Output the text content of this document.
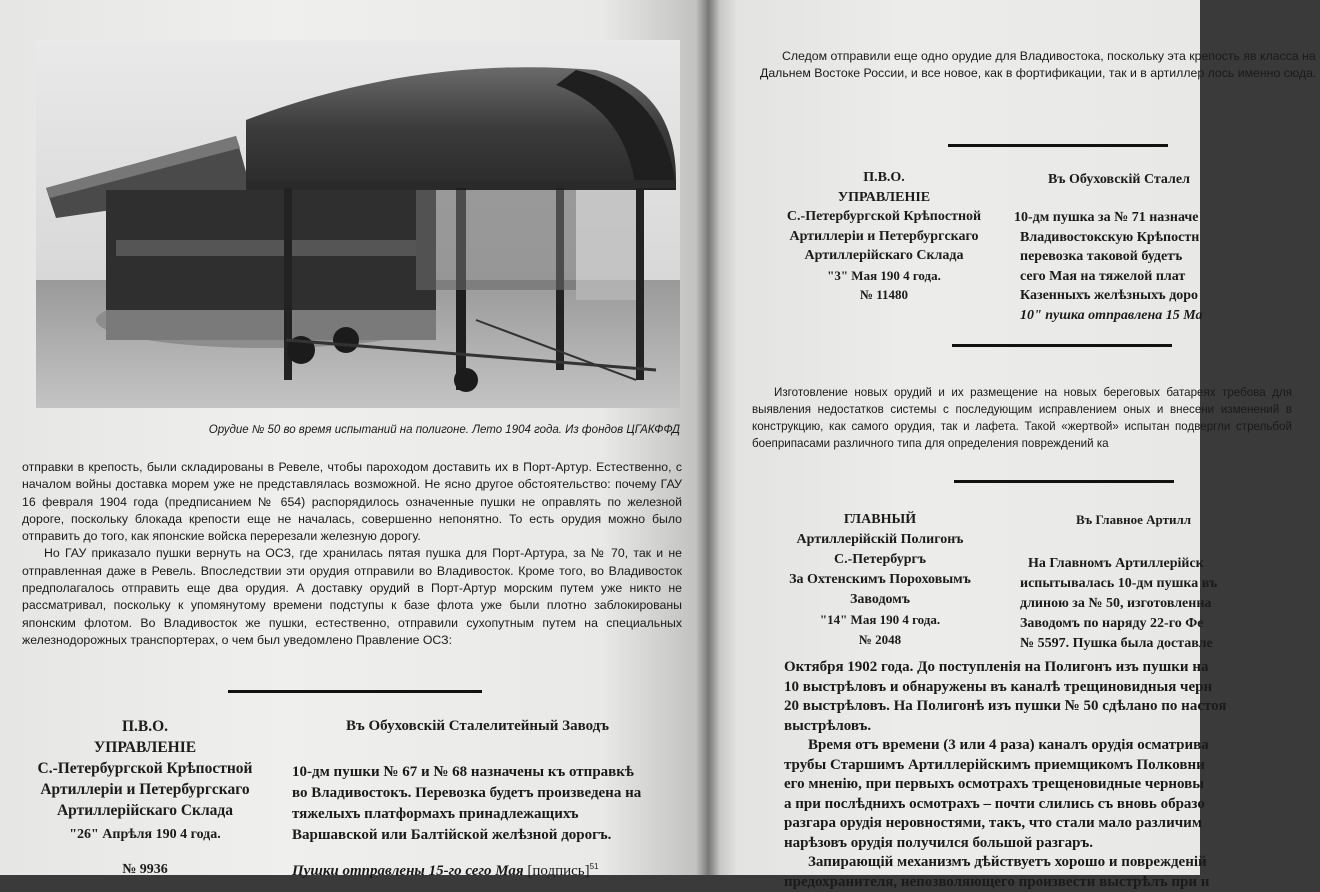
Орудие № 50 во время испытаний на полигоне. Лето 1904 года. Из фондов ЦГАКФФД

отправки в крепость, были складированы в Ревеле, чтобы пароходом доставить их в Порт-Артур. Естественно, с началом войны доставка морем уже не представлялась возможной. Не ясно другое обстоятельство: почему ГАУ 16 февраля 1904 года (предписанием № 654) распорядилось означенные пушки не оправлять по железной дороге, поскольку блокада крепости еще не началась, совершенно непонятно. То есть орудия можно было отправить до того, как японские войска перерезали железную дорогу.

Но ГАУ приказало пушки вернуть на ОСЗ, где хранилась пятая пушка для Порт-Артура, за № 70, так и не отправленная даже в Ревель. Впоследствии эти орудия отправили во Владивосток. Кроме того, во Владивосток предполагалось отправить еще два орудия. А доставку орудий в Порт-Артур морским путем уже никто не рассматривал, поскольку к упомянутому времени подступы к базе флота уже были плотно заблокированы японским флотом. Во Владивосток же пушки, естественно, отправили сухопутным путем на специальных железнодорожных транспортерах, о чем был уведомлено Правление ОСЗ:

П.В.О.
УПРАВЛЕНІЕ
С.-Петербургской Крѣпостной
Артиллеріи и Петербургскаго
Артиллерійскаго Склада
"26" Апрѣля 190 4 года.
№ 9936
Въ Обуховскій Сталелитейный Заводъ

10-дм пушки № 67 и № 68 назначены къ отправкѣ во Владивостокъ. Перевозка будетъ произведена на тяжелыхъ платформахъ принадлежащихъ Варшавской или Балтійской желѣзной дорогъ.

Пушки отправлены 15-го сего Мая [подпись]$^{51}$

Следом отправили еще одно орудие для Владивостока, поскольку эта крепость яв класса на Дальнем Востоке России, и все новое, как в фортификации, так и в артиллер лось именно сюда.

П.В.О.
УПРАВЛЕНІЕ
С.-Петербургской Крѣпостной
Артиллеріи и Петербургскаго
Артиллерійскаго Склада
"3" Мая 190 4 года.
№ 11480
Въ Обуховскій Сталел

10-дм пушка за № 71 назначе

Владивостокскую Крѣпостн

перевозка таковой будетъ

сего Мая на тяжелой плат

Казенныхъ желѣзныхъ доро

10" пушка отправлена 15 Ма

Изготовление новых орудий и их размещение на новых береговых батареях требова для выявления недостатков системы с последующим исправлением оных и внесени изменений в конструкцию, как самого орудия, так и лафета. Такой «жертвой» испытан подвергли стрельбой боеприпасами различного типа для определения повреждений ка

ГЛАВНЫЙ
Артиллерійскій Полигонъ
С.-Петербургъ
За Охтенскимъ Пороховымъ
Заводомъ
"14" Мая 190 4 года.
№ 2048
Въ Главное Артилл

На Главномъ Артиллерійск

испытывалась 10-дм пушка въ

длиною за № 50, изготовленна

Заводомъ по наряду 22-го Фе

№ 5597. Пушка была доставле

Октября 1902 года. До поступленія на Полигонъ изъ пушки на

10 выстрѣловъ и обнаружены въ каналѣ трещиновидныя черн

20 выстрѣловъ. На Полигонѣ изъ пушки № 50 сдѣлано по настоя

выстрѣловъ.

Время отъ времени (3 или 4 раза) каналъ орудія осматрива

трубы Старшимъ Артиллерійскимъ приемщикомъ Полковни

его мненію, при первыхъ осмотрахъ трещеновидные черновы

а при послѣднихъ осмотрахъ – почти слились съ вновь образо

разгара орудія неровностями, такъ, что стали мало различим

нарѣзовъ орудія получился большой разгаръ.

Запирающій механизмъ дѣйствуетъ хорошо и поврежденій

предохранителя, непозволяющего произвести выстрѣлъ при н
